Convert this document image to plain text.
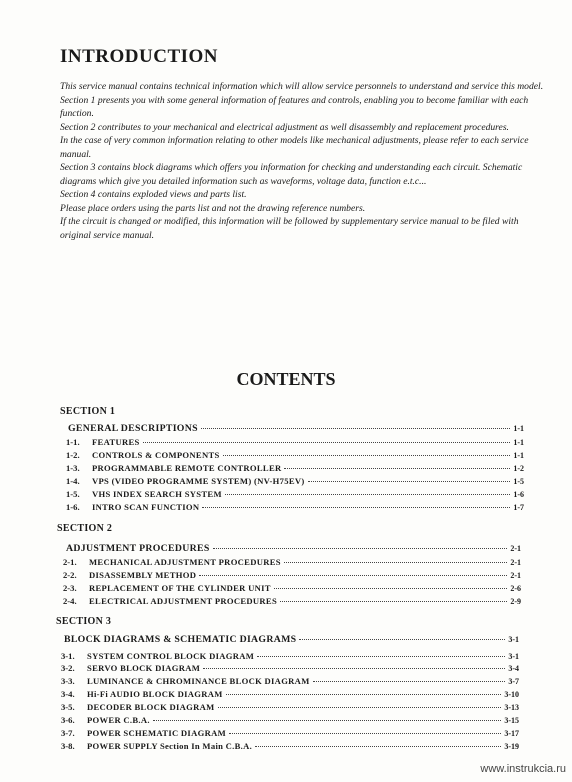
INTRODUCTION

This service manual contains technical information which will allow service personnels to understand and service this model.

Section 1 presents you with some general information of features and controls, enabling you to become familiar with each function.

Section 2 contributes to your mechanical and electrical adjustment as well disassembly and replacement procedures.

In the case of very common information relating to other models like mechanical adjustments, please refer to each service manual.

Section 3 contains block diagrams which offers you information for checking and understanding each circuit. Schematic diagrams which give you detailed information such as waveforms, voltage data, function e.t.c...

Section 4 contains exploded views and parts list.

Please place orders using the parts list and not the drawing reference numbers.

If the circuit is changed or modified, this information will be followed by supplementary service manual to be filed with original service manual.

CONTENTS
SECTION 1
GENERAL DESCRIPTIONS	1-1
1-1.	FEATURES	1-1
1-2.	CONTROLS & COMPONENTS	1-1
1-3.	PROGRAMMABLE REMOTE CONTROLLER	1-2
1-4.	VPS (VIDEO PROGRAMME SYSTEM) (NV-H75EV)	1-5
1-5.	VHS INDEX SEARCH SYSTEM	1-6
1-6.	INTRO SCAN FUNCTION	1-7
SECTION 2
ADJUSTMENT PROCEDURES	2-1
2-1.	MECHANICAL ADJUSTMENT PROCEDURES	2-1
2-2.	DISASSEMBLY METHOD	2-1
2-3.	REPLACEMENT OF THE CYLINDER UNIT	2-6
2-4.	ELECTRICAL ADJUSTMENT PROCEDURES	2-9
SECTION 3
BLOCK DIAGRAMS & SCHEMATIC DIAGRAMS	3-1
3-1.	SYSTEM CONTROL BLOCK DIAGRAM	3-1
3-2.	SERVO BLOCK DIAGRAM	3-4
3-3.	LUMINANCE & CHROMINANCE BLOCK DIAGRAM	3-7
3-4.	Hi-Fi AUDIO BLOCK DIAGRAM	3-10
3-5.	DECODER BLOCK DIAGRAM	3-13
3-6.	POWER C.B.A.	3-15
3-7.	POWER SCHEMATIC DIAGRAM	3-17
3-8.	POWER SUPPLY Section In Main C.B.A.	3-19
www.instrukcia.ru
